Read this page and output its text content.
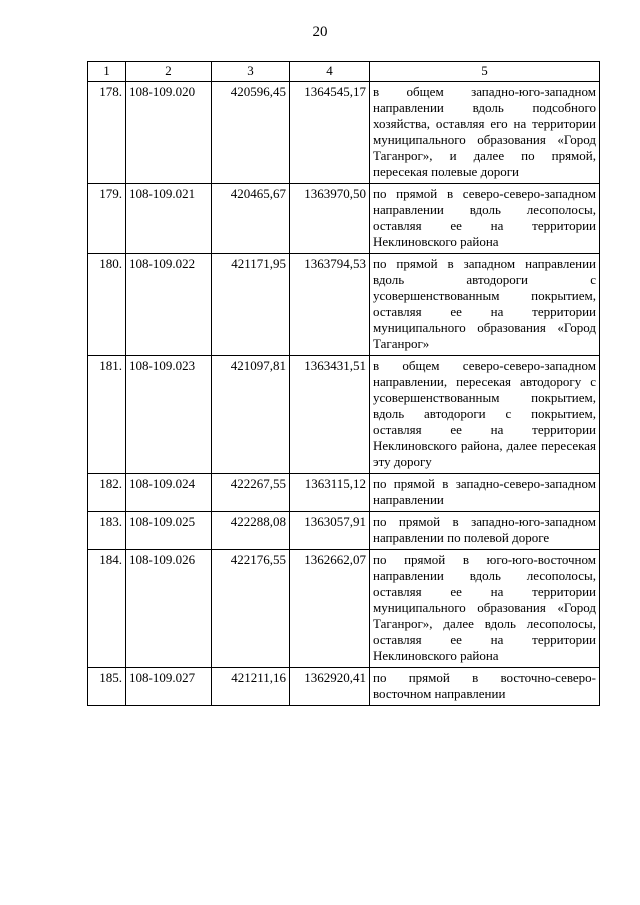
20
1	2	3	4	5
178.	108-109.020	420596,45	1364545,17	в общем западно-юго-западном направлении вдоль подсобного хозяйства, оставляя его на территории муниципального образования «Город Таганрог», и далее по прямой, пересекая полевые дороги
179.	108-109.021	420465,67	1363970,50	по прямой в северо-северо-западном направлении вдоль лесополосы, оставляя ее на территории Неклиновского района
180.	108-109.022	421171,95	1363794,53	по прямой в западном направлении вдоль автодороги с усовершенствованным покрытием, оставляя ее на территории муниципального образования «Город Таганрог»
181.	108-109.023	421097,81	1363431,51	в общем северо-северо-западном направлении, пересекая автодорогу с усовершенствованным покрытием, вдоль автодороги с покрытием, оставляя ее на территории Неклиновского района, далее пересекая эту дорогу
182.	108-109.024	422267,55	1363115,12	по прямой в западно-северо-западном направлении
183.	108-109.025	422288,08	1363057,91	по прямой в западно-юго-западном направлении по полевой дороге
184.	108-109.026	422176,55	1362662,07	по прямой в юго-юго-восточном направлении вдоль лесополосы, оставляя ее на территории муниципального образования «Город Таганрог», далее вдоль лесополосы, оставляя ее на территории Неклиновского района
185.	108-109.027	421211,16	1362920,41	по прямой в восточно-северо-восточном направлении
